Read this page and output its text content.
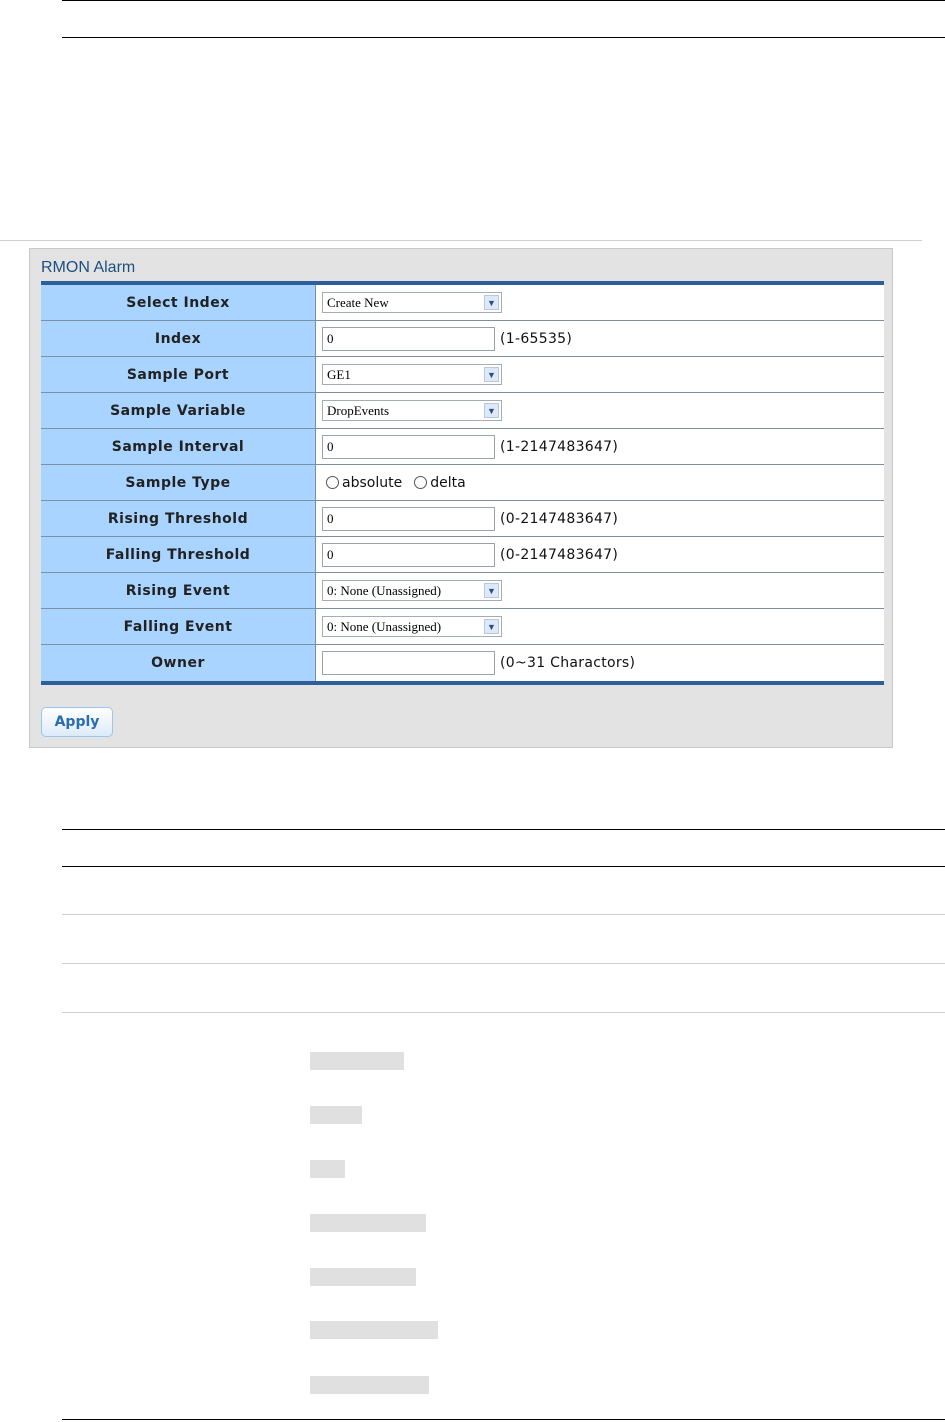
RMON Alarm
Select Index	Create New	▼
Index	0	(1-65535)
Sample Port	GE1	▼
Sample Variable	DropEvents	▼
Sample Interval	0	(1-2147483647)
Sample Type	absolute delta
Rising Threshold	0	(0-2147483647)
Falling Threshold	0	(0-2147483647)
Rising Event	0: None (Unassigned)	▼
Falling Event	0: None (Unassigned)	▼
Owner	(0~31 Charactors)
Apply
